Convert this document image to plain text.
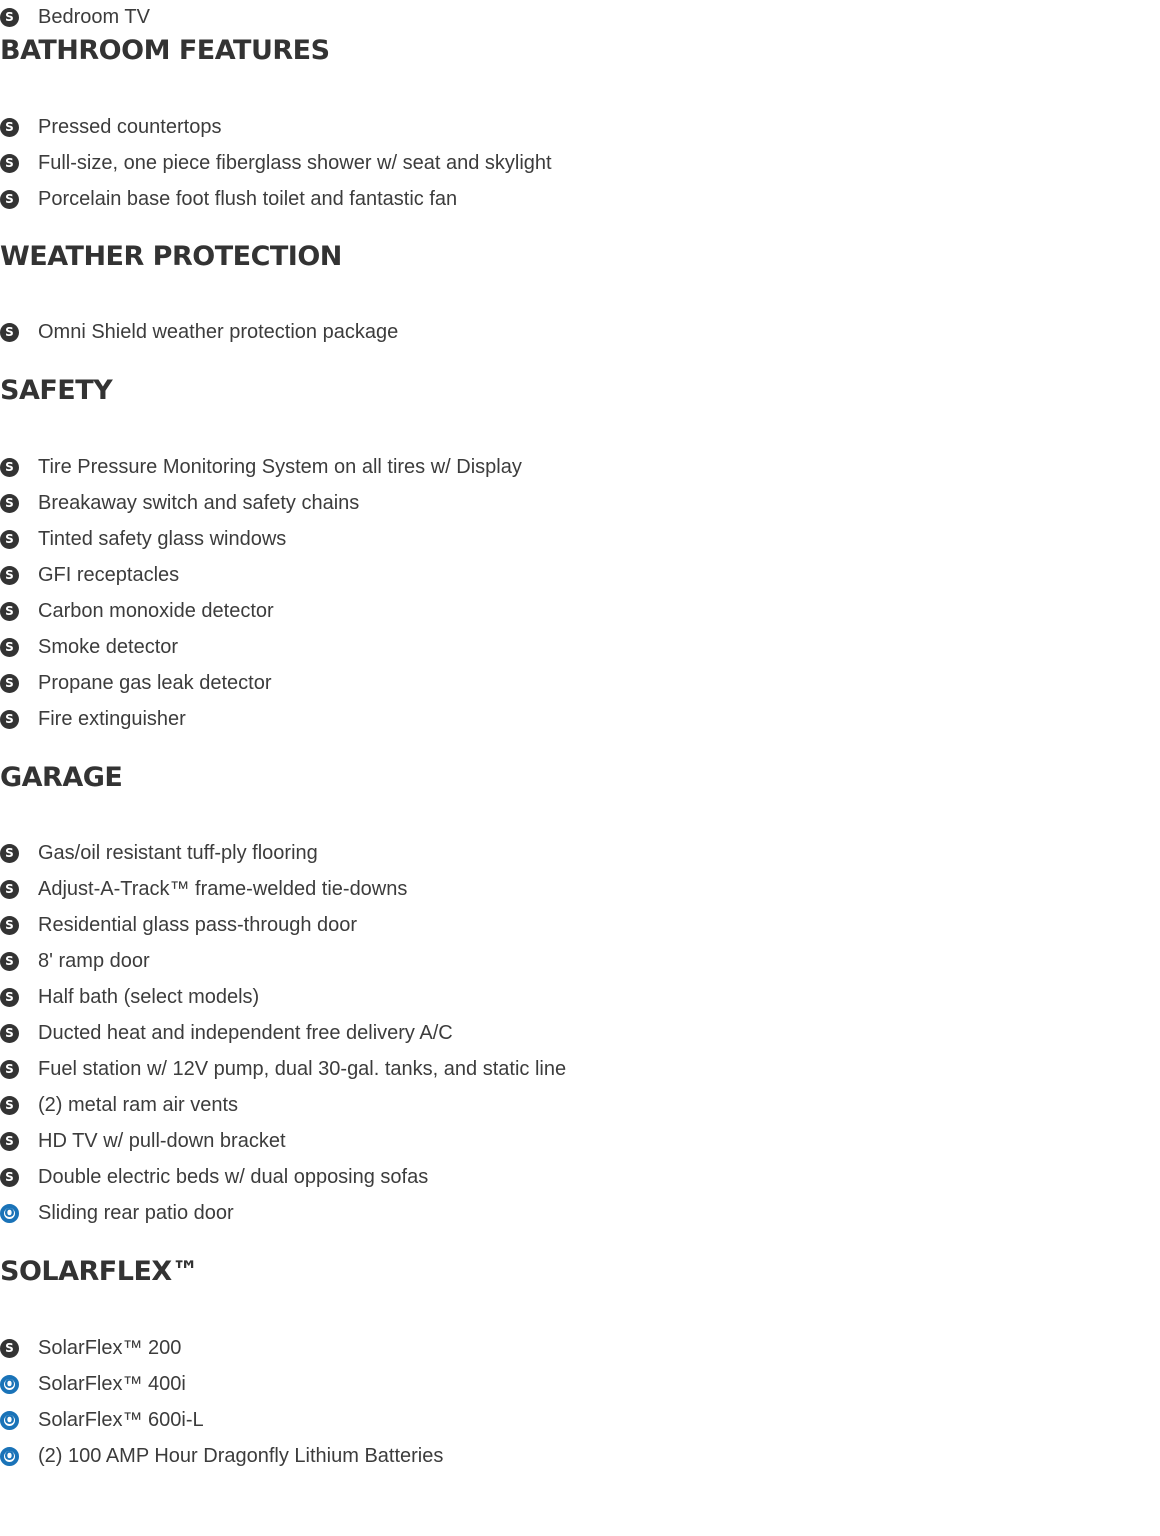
S Bedroom TV
BATHROOM FEATURES
S Pressed countertops
S Full-size, one piece fiberglass shower w/ seat and skylight
S Porcelain base foot flush toilet and fantastic fan
WEATHER PROTECTION
S Omni Shield weather protection package
SAFETY
S Tire Pressure Monitoring System on all tires w/ Display
S Breakaway switch and safety chains
S Tinted safety glass windows
S GFI receptacles
S Carbon monoxide detector
S Smoke detector
S Propane gas leak detector
S Fire extinguisher
GARAGE
S Gas/oil resistant tuff-ply flooring
S Adjust-A-Track™ frame-welded tie-downs
S Residential glass pass-through door
S 8' ramp door
S Half bath (select models)
S Ducted heat and independent free delivery A/C
S Fuel station w/ 12V pump, dual 30-gal. tanks, and static line
S (2) metal ram air vents
S HD TV w/ pull-down bracket
S Double electric beds w/ dual opposing sofas
O Sliding rear patio door
SOLARFLEX™
S SolarFlex™ 200
O SolarFlex™ 400i
O SolarFlex™ 600i-L
O (2) 100 AMP Hour Dragonfly Lithium Batteries
